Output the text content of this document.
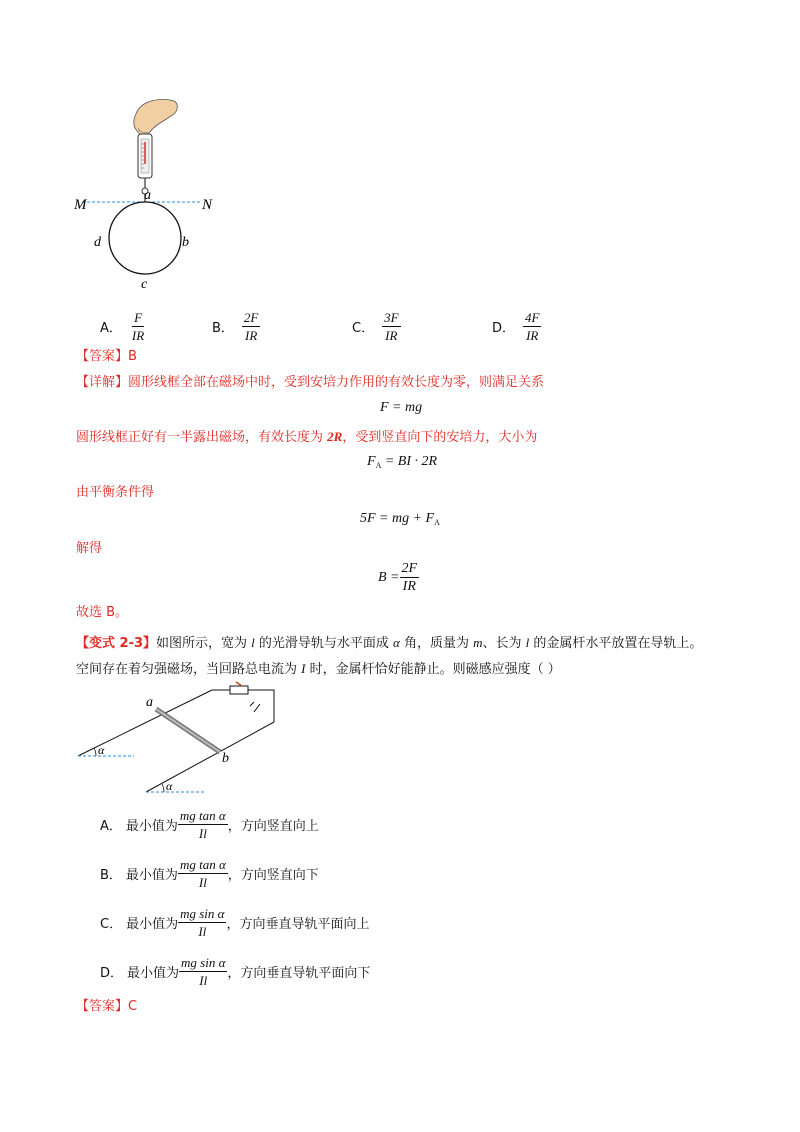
M	N
a
b
c
d
A． $\frac{F}{IR}$	B． $\frac{2F}{IR}$	C． $\frac{3F}{IR}$	D． $\frac{4F}{IR}$
【答案】B
【详解】圆形线框全部在磁场中时，受到安培力作用的有效长度为零，则满足关系
F = mg
圆形线框正好有一半露出磁场，有效长度为 2R，受到竖直向下的安培力，大小为
$F_A$ = BI · 2R
由平衡条件得
5F = mg + $F_A$
解得
$B = \frac{2F}{IR}$
故选 B。
【变式 2-3】如图所示，宽为 l 的光滑导轨与水平面成 α 角，质量为 m、长为 l 的金属杆水平放置在导轨上。
空间存在着匀强磁场，当回路总电流为 I 时，金属杆恰好能静止。则磁感应强度（ ）
a
b
α
α
A． 最小值为 $\frac{\text{mg tan α}}{Il}$ ，方向竖直向上
B． 最小值为 $\frac{\text{mg tan α}}{Il}$ ，方向竖直向下
C． 最小值为 $\frac{\text{mg sin α}}{Il}$ ，方向垂直导轨平面向上
D． 最小值为 $\frac{\text{mg sin α}}{Il}$ ，方向垂直导轨平面向下
【答案】C
